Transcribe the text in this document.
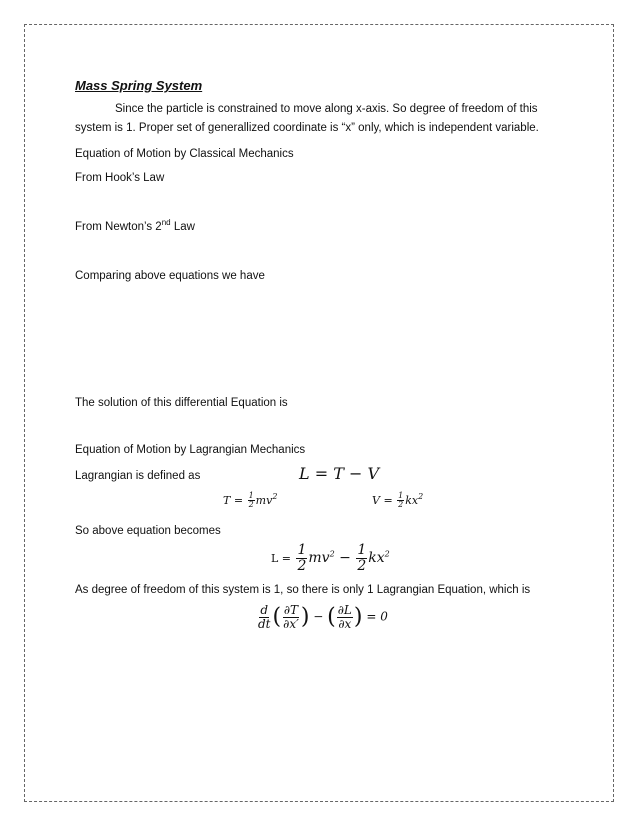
Mass Spring System
Since the particle is constrained to move along x-axis. So degree of freedom of this
system is 1. Proper set of generallized coordinate is “x” only, which is independent variable.
Equation of Motion by Classical Mechanics
From Hook’s Law
From Newton’s 2nd Law
Comparing above equations we have
The solution of this differential Equation is
Equation of Motion by Lagrangian Mechanics
Lagrangian is defined as	L = T − V
$T = \frac{1}{2} mv^2$	$V = \frac{1}{2} kx^2$
So above equation becomes
$L = \frac{1}{2} mv^2 - \frac{1}{2} kx^2$
As degree of freedom of this system is 1, so there is only 1 Lagrangian Equation, which is
$\frac{d}{dt}$ ( $\frac{\partial T}{\partial x'}$ ) − ( $\frac{\partial L}{\partial x}$ ) = 0
